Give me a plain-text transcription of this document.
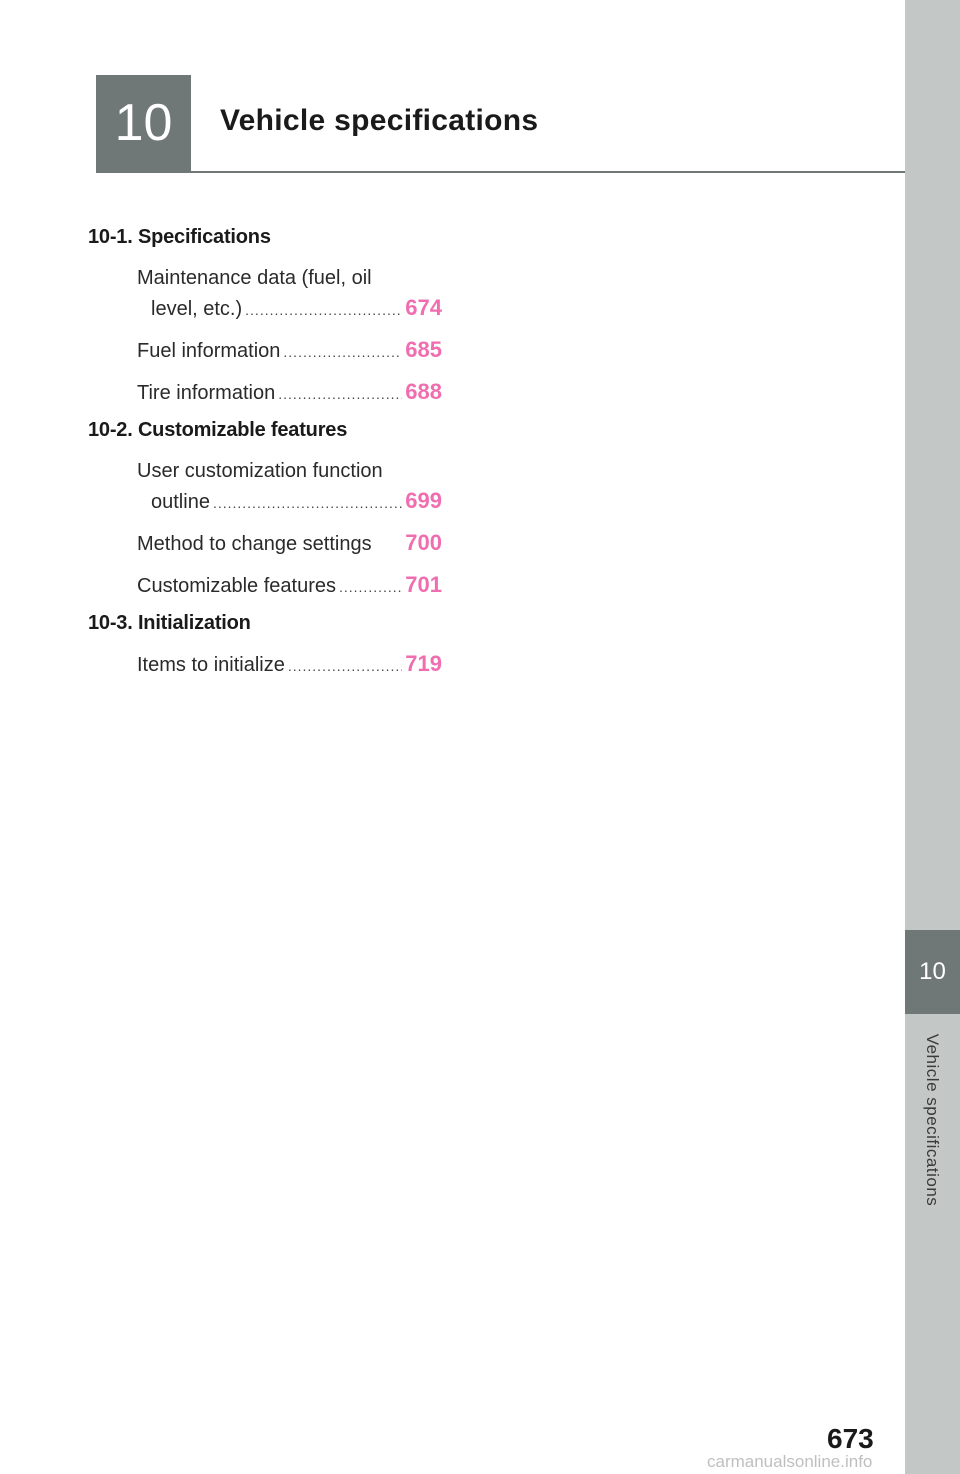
10
Vehicle specifications
10 Vehicle specifications
10-1. Specifications
Maintenance data (fuel, oil
level, etc.) .....	674
Fuel information .....	685
Tire information .....	688
10-2. Customizable features
User customization function
outline .....	699
Method to change settings 700
Customizable features .....	701
10-3. Initialization
Items to initialize .....	719
673
carmanualsonline.info
